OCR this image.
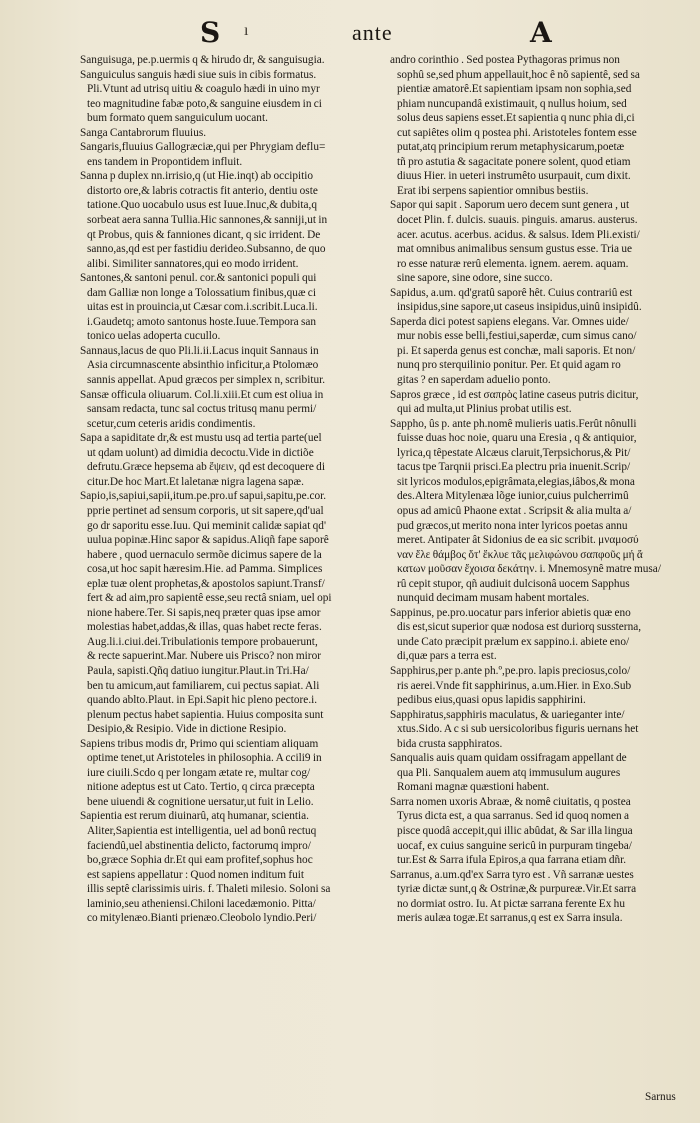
S ı	ante	A
Sanguisuga, pe.p.uermis q & hirudo dr, & sanguisugia.
Sanguiculus sanguis hædi siue suis in cibis formatus.
Pli.Vtunt ad utrisq uitiu & coagulo hædi in uino myr
teo magnitudine fabæ poto,& sanguine eiusdem in ci
bum formato quem sanguiculum uocant.
Sanga Cantabrorum fluuius.
Sangaris,fluuius Gallogræciæ,qui per Phrygiam deflu=
ens tandem in Propontidem influit.
Sanna p duplex nn.irrisio,q (ut Hie.inqt) ab occipitio
distorto ore,& labris cotractis fit anterio, dentiu oste
tatione.Quo uocabulo usus est Iuue.Inuc,& dubita,q
sorbeat aera sanna Tullia.Hic sannones,& sanniji,ut in
qt Probus, quis & fanniones dicant, q sic irrident. De
sanno,as,qd est per fastidiu derideo.Subsanno, de quo
alibi. Similiter sannatores,qui eo modo irrident.
Santones,& santoni penul. cor.& santonici populi qui
dam Galliæ non longe a Tolossatium finibus,quæ ci
uitas est in prouincia,ut Cæsar com.i.scribit.Luca.li.
i.Gaudetq; amoto santonus hoste.Iuue.Tempora san
tonico uelas adoperta cucullo.
Sannaus,lacus de quo Pli.li.ii.Lacus inquit Sannaus in
Asia circumnascente absinthio inficitur,a Ptolomæo
sannis appellat. Apud græcos per simplex n, scribitur.
Sansæ officula oliuarum. Col.li.xiii.Et cum est oliua in
sansam redacta, tunc sal coctus tritusq manu permi/
scetur,cum ceteris aridis condimentis.
Sapa a sapiditate dr,& est mustu usq ad tertia parte(uel
ut qdam uolunt) ad dimidia decoctu.Vide in dictiõe
defrutu.Græce hepsema ab ἕψειν, qd est decoquere di
citur.De hoc Mart.Et laletanæ nigra lagena sapæ.
Sapio,is,sapiui,sapii,itum.pe.pro.uf sapui,sapitu,pe.cor.
pprie pertinet ad sensum corporis, ut sit sapere,qd'ual
go dr saporitu esse.Iuu. Qui meminit calidæ sapiat qd'
uulua popinæ.Hinc sapor & sapidus.Aliqñ fape saporê
habere , quod uernaculo sermõe dicimus sapere de la
cosa,ut hoc sapit hæresim.Hie. ad Pamma. Simplices
eplæ tuæ olent prophetas,& apostolos sapiunt.Transf/
fert & ad aim,pro sapientê esse,seu rectâ sniam, uel opi
nione habere.Ter. Si sapis,neq præter quas ipse amor
molestias habet,addas,& illas, quas habet recte feras.
Aug.li.i.ciui.dei.Tribulationis tempore probauerunt,
& recte sapuerint.Mar. Nubere uis Prisco? non miror
Paula, sapisti.Qñq datiuo iungitur.Plaut.in Tri.Ha/
ben tu amicum,aut familiarem, cui pectus sapiat. Ali
quando ablto.Plaut. in Epi.Sapit hic pleno pectore.i.
plenum pectus habet sapientia. Huius composita sunt
Desipio,& Resipio. Vide in dictione Resipio.
Sapiens tribus modis dr, Primo qui scientiam aliquam
optime tenet,ut Aristoteles in philosophia. A ccili9 in
iure ciuili.Scdo q per longam ætate re, multar cog/
nitione adeptus est ut Cato. Tertio, q circa præcepta
bene uiuendi & cognitione uersatur,ut fuit in Lelio.
Sapientia est rerum diuinarû, atq humanar, scientia.
Aliter,Sapientia est intelligentia, uel ad bonû rectuq
faciendû,uel abstinentia delicto, factorumq impro/
bo,græce Sophia dr.Et qui eam profitef,sophus hoc
est sapiens appellatur : Quod nomen inditum fuit
illis septê clarissimis uiris. f. Thaleti milesio. Soloni sa
laminio,seu atheniensi.Chiloni lacedæmonio. Pitta/
co mitylenæo.Bianti prienæo.Cleobolo lyndio.Peri/
andro corinthio . Sed postea Pythagoras primus non
sophû se,sed phum appellauit,hoc ê nõ sapientê, sed sa
pientiæ amatorê.Et sapientiam ipsam non sophia,sed
phiam nuncupandâ existimauit, q nullus hoium, sed
solus deus sapiens esset.Et sapientia q nunc phia di,ci
cut sapiêtes olim q postea phi. Aristoteles fontem esse
putat,atq principium rerum metaphysicarum,poetæ
tñ pro astutia & sagacitate ponere solent, quod etiam
diuus Hier. in ueteri instrumêto usurpauit, cum dixit.
Erat ibi serpens sapientior omnibus bestiis.
Sapor qui sapit . Saporum uero decem sunt genera , ut
docet Plin. f. dulcis. suauis. pinguis. amarus. austerus.
acer. acutus. acerbus. acidus. & salsus. Idem Pli.existi/
mat omnibus animalibus sensum gustus esse. Tria ue
ro esse naturæ rerû elementa. ignem. aerem. aquam.
sine sapore, sine odore, sine succo.
Sapidus, a.um. qd'gratû saporê hêt. Cuius contrariû est
insipidus,sine sapore,ut caseus insipidus,uinû insipidû.
Saperda dici potest sapiens elegans. Var. Omnes uide/
mur nobis esse belli,festiui,saperdæ, cum simus cano/
pi. Et saperda genus est conchæ, mali saporis. Et non/
nunq pro sterquilinio ponitur. Per. Et quid agam ro
gitas ? en saperdam aduelio ponto.
Sapros græce , id est σαπρὸς latine caseus putris dicitur,
qui ad multa,ut Plinius probat utilis est.
Sappho, ûs p. ante ph.nomê mulieris uatis.Ferût nônulli
fuisse duas hoc noie, quaru una Eresia , q & antiquior,
lyrica,q têpestate Alcæus claruit,Terpsichorus,& Pit/
tacus tpe Tarqnii prisci.Ea plectru pria inuenit.Scrip/
sit lyricos modulos,epigrâmata,elegias,iâbos,& mona
des.Altera Mitylenæa lõge iunior,cuius pulcherrimû
opus ad amicû Phaone extat . Scripsit & alia multa a/
pud græcos,ut merito nona inter lyricos poetas annu
meret. Antipater ât Sidonius de ea sic scribit. μναμοσύ
ναν ἕλε θάμβος ὅτ' ἔκλυε τᾶς μελιφώνου σαπφοῦς μή ἄ
κατων μοῦσαν ἔχοισα δεκάτην. i. Mnemosynê matre musa/
rû cepit stupor, qñ audiuit dulcisonâ uocem Sapphus
nunquid decimam musam habent mortales.
Sappinus, pe.pro.uocatur pars inferior abietis quæ eno
dis est,sicut superior quæ nodosa est duriorq sussterna,
unde Cato præcipit prælum ex sappino.i. abiete eno/
di,quæ pars a terra est.
Sapphirus,per p.ante ph.º,pe.pro. lapis preciosus,colo/
ris aerei.Vnde fit sapphirinus, a.um.Hier. in Exo.Sub
pedibus eius,quasi opus lapidis sapphirini.
Sapphiratus,sapphiris maculatus, & uarieganter inte/
xtus.Sido. A c si sub uersicoloribus figuris uernans het
bida crusta sapphiratos.
Sanqualis auis quam quidam ossifragam appellant de
qua Pli. Sanqualem auem atq immusulum augures
Romani magnæ quæstioni habent.
Sarra nomen uxoris Abraæ, & nomê ciuitatis, q postea
Tyrus dicta est, a qua sarranus. Sed id quoq nomen a
pisce quodâ accepit,qui illic abûdat, & Sar illa lingua
uocaf, ex cuius sanguine sericû in purpuram tingeba/
tur.Est & Sarra ifula Epiros,a qua farrana etiam dñr.
Sarranus, a.um.qd'ex Sarra tyro est . Vñ sarranæ uestes
tyriæ dictæ sunt,q & Ostrinæ,& purpureæ.Vir.Et sarra
no dormiat ostro. Iu. At pictæ sarrana ferente Ex hu
meris aulæa togæ.Et sarranus,q est ex Sarra insula.
Sarnus
